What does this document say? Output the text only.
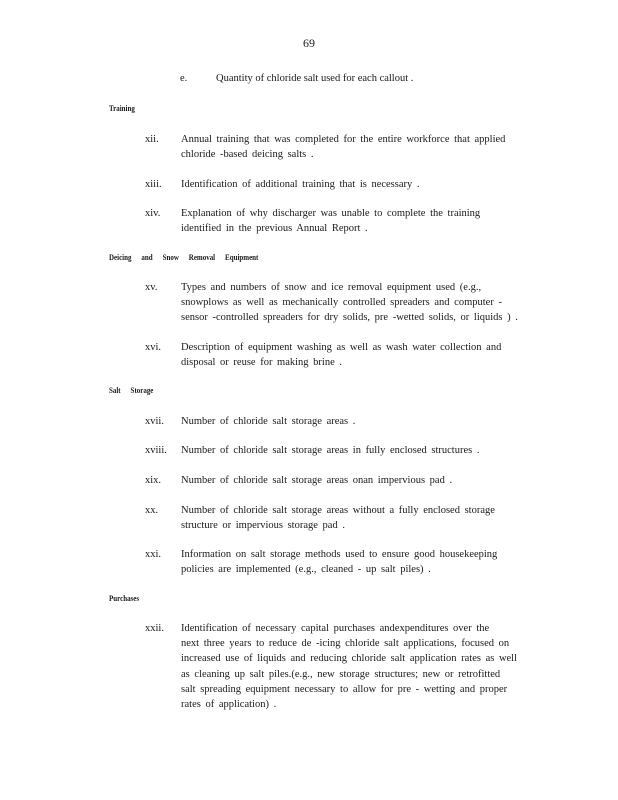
69
e.	Quantity of chloride salt used for each callout .
Training
xii. Annual training that was completed for the entire workforce that applied
chloride -based deicing salts .
xiii. Identification of additional training that is necessary .
xiv. Explanation of why discharger was unable to complete the training
identified in the previous Annual Report .
Deicing and Snow Removal Equipment
xv. Types and numbers of snow and ice removal equipment used (e.g.,
snowplows as well as mechanically controlled spreaders and computer -
sensor -controlled spreaders for dry solids, pre -wetted solids, or liquids ) .
xvi. Description of equipment washing as well as wash water collection and
disposal or reuse for making brine .
Salt Storage
xvii. Number of chloride salt storage areas .
xviii. Number of chloride salt storage areas in fully enclosed structures .
xix. Number of chloride salt storage areas onan impervious pad .
xx. Number of chloride salt storage areas without a fully enclosed storage
structure or impervious storage pad .
xxi. Information on salt storage methods used to ensure good housekeeping
policies are implemented (e.g., cleaned - up salt piles) .
Purchases
xxii. Identification of necessary capital purchases andexpenditures over the
next three years to reduce de -icing chloride salt applications, focused on
increased use of liquids and reducing chloride salt application rates as well
as cleaning up salt piles.(e.g., new storage structures; new or retrofitted
salt spreading equipment necessary to allow for pre - wetting and proper
rates of application) .
